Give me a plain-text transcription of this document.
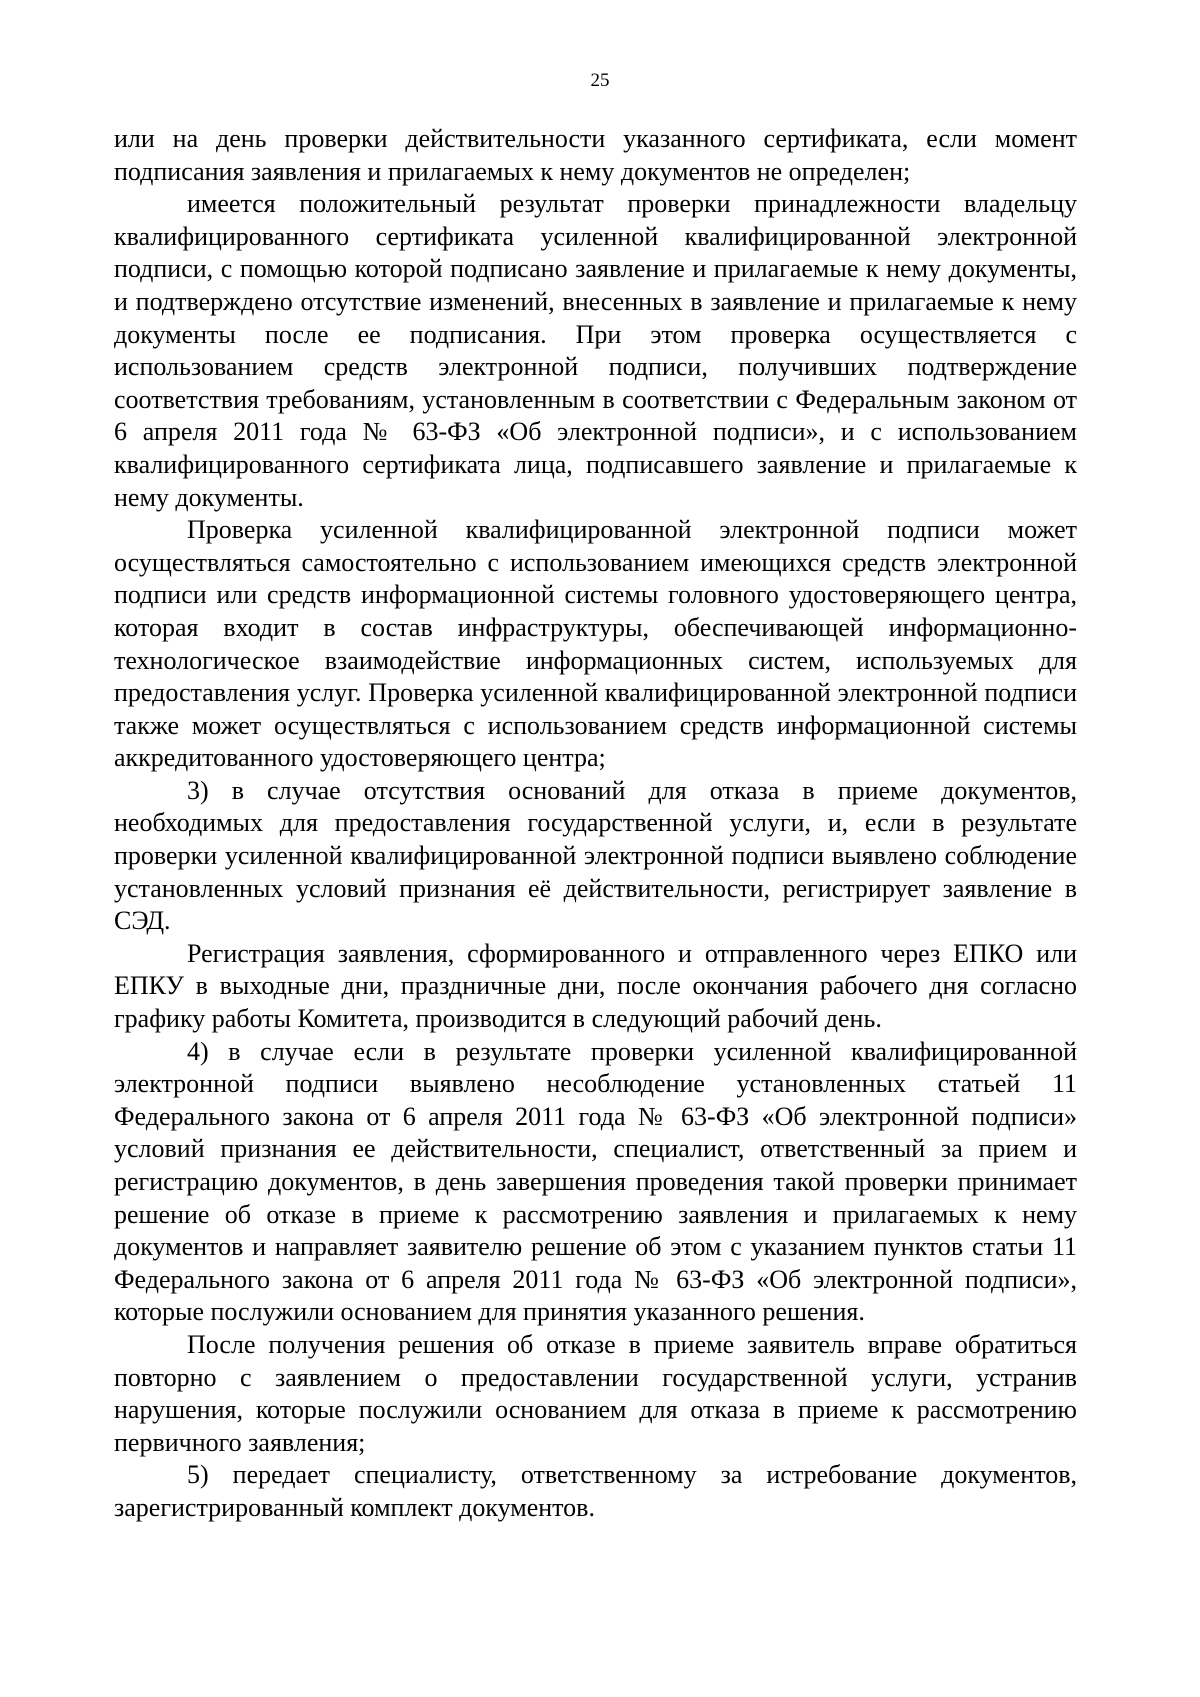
25

или на день проверки действительности указанного сертификата, если момент подписания заявления и прилагаемых к нему документов не определен;

имеется положительный результат проверки принадлежности владельцу квалифицированного сертификата усиленной квалифицированной электронной подписи, с помощью которой подписано заявление и прилагаемые к нему документы, и подтверждено отсутствие изменений, внесенных в заявление и прилагаемые к нему документы после ее подписания. При этом проверка осуществляется с использованием средств электронной подписи, получивших подтверждение соответствия требованиям, установленным в соответствии с Федеральным законом от 6 апреля 2011 года № 63-ФЗ «Об электронной подписи», и с использованием квалифицированного сертификата лица, подписавшего заявление и прилагаемые к нему документы.

Проверка усиленной квалифицированной электронной подписи может осуществляться самостоятельно с использованием имеющихся средств электронной подписи или средств информационной системы головного удостоверяющего центра, которая входит в состав инфраструктуры, обеспечивающей информационно-технологическое взаимодействие информационных систем, используемых для предоставления услуг. Проверка усиленной квалифицированной электронной подписи также может осуществляться с использованием средств информационной системы аккредитованного удостоверяющего центра;

3) в случае отсутствия оснований для отказа в приеме документов, необходимых для предоставления государственной услуги, и, если в результате проверки усиленной квалифицированной электронной подписи выявлено соблюдение установленных условий признания её действительности, регистрирует заявление в СЭД.

Регистрация заявления, сформированного и отправленного через ЕПКО или ЕПКУ в выходные дни, праздничные дни, после окончания рабочего дня согласно графику работы Комитета, производится в следующий рабочий день.

4) в случае если в результате проверки усиленной квалифицированной электронной подписи выявлено несоблюдение установленных статьей 11 Федерального закона от 6 апреля 2011 года № 63-ФЗ «Об электронной подписи» условий признания ее действительности, специалист, ответственный за прием и регистрацию документов, в день завершения проведения такой проверки принимает решение об отказе в приеме к рассмотрению заявления и прилагаемых к нему документов и направляет заявителю решение об этом с указанием пунктов статьи 11 Федерального закона от 6 апреля 2011 года № 63-ФЗ «Об электронной подписи», которые послужили основанием для принятия указанного решения.

После получения решения об отказе в приеме заявитель вправе обратиться повторно с заявлением о предоставлении государственной услуги, устранив нарушения, которые послужили основанием для отказа в приеме к рассмотрению первичного заявления;

5) передает специалисту, ответственному за истребование документов, зарегистрированный комплект документов.
